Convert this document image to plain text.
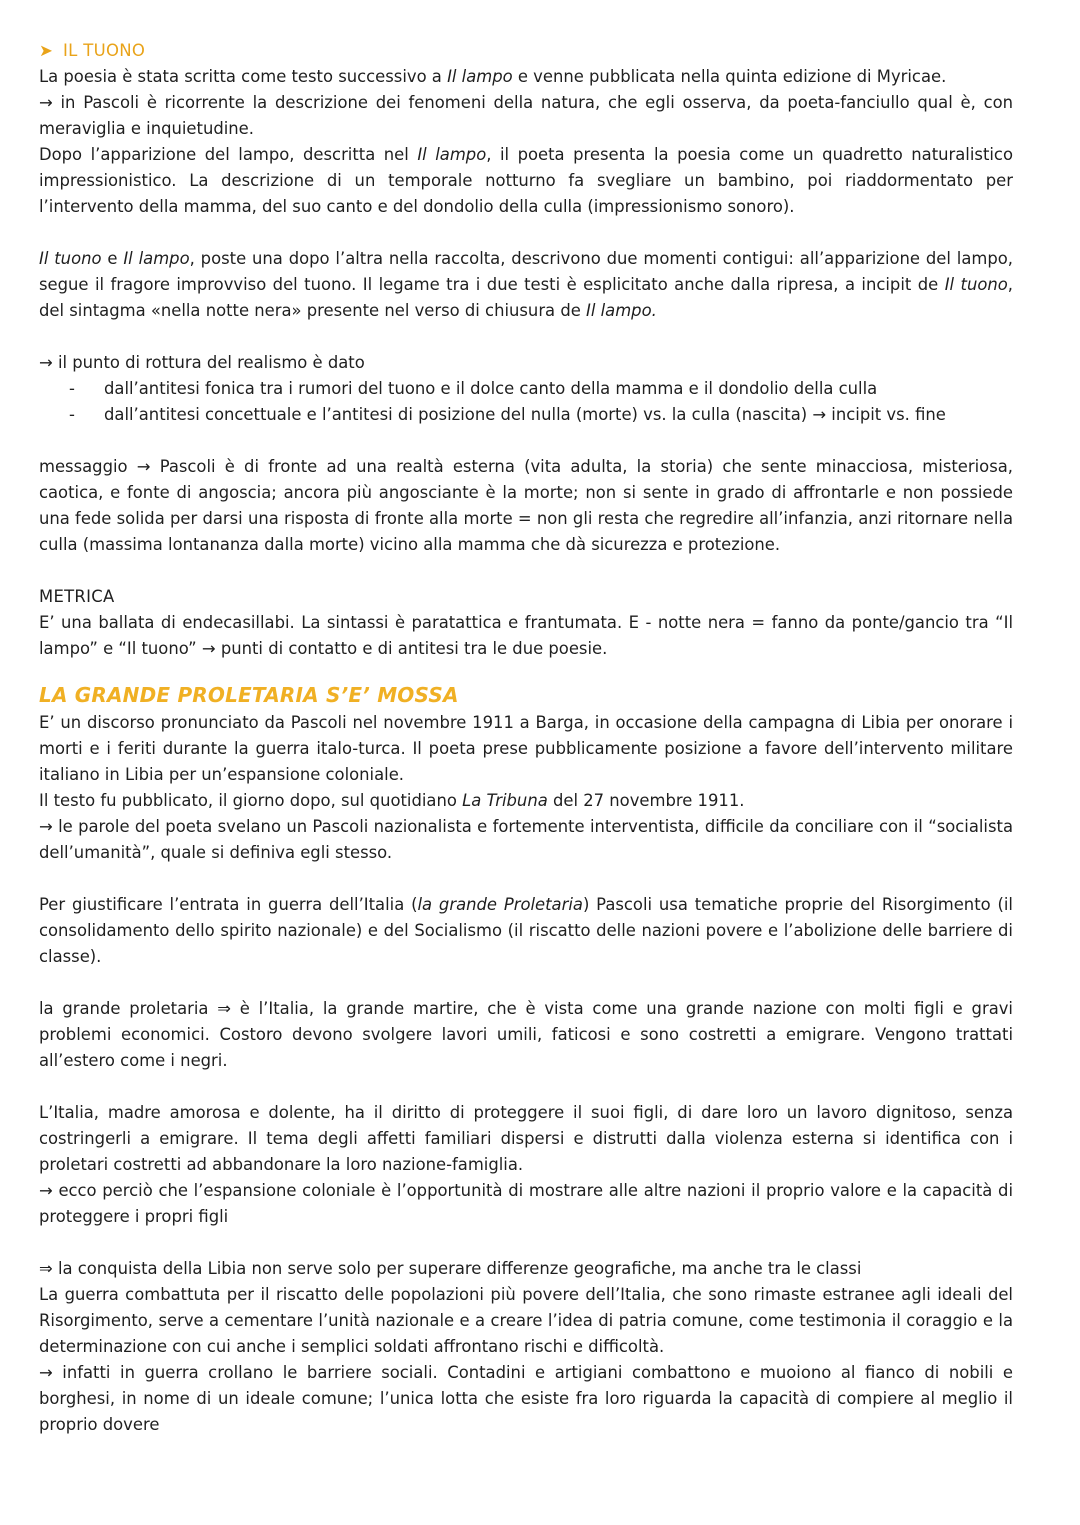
➤ IL TUONO

La poesia è stata scritta come testo successivo a Il lampo e venne pubblicata nella quinta edizione di Myricae.

→ in Pascoli è ricorrente la descrizione dei fenomeni della natura, che egli osserva, da poeta-fanciullo qual è, con meraviglia e inquietudine.

Dopo l’apparizione del lampo, descritta nel Il lampo, il poeta presenta la poesia come un quadretto naturalistico impressionistico. La descrizione di un temporale notturno fa svegliare un bambino, poi riaddormentato per l’intervento della mamma, del suo canto e del dondolio della culla (impressionismo sonoro).

Il tuono e Il lampo, poste una dopo l’altra nella raccolta, descrivono due momenti contigui: all’apparizione del lampo, segue il fragore improvviso del tuono. Il legame tra i due testi è esplicitato anche dalla ripresa, a incipit de Il tuono, del sintagma «nella notte nera» presente nel verso di chiusura de Il lampo.

→ il punto di rottura del realismo è dato

- dall’antitesi fonica tra i rumori del tuono e il dolce canto della mamma e il dondolio della culla
- dall’antitesi concettuale e l’antitesi di posizione del nulla (morte) vs. la culla (nascita) → incipit vs. fine

messaggio → Pascoli è di fronte ad una realtà esterna (vita adulta, la storia) che sente minacciosa, misteriosa, caotica, e fonte di angoscia; ancora più angosciante è la morte; non si sente in grado di affrontarle e non possiede una fede solida per darsi una risposta di fronte alla morte = non gli resta che regredire all’infanzia, anzi ritornare nella culla (massima lontananza dalla morte) vicino alla mamma che dà sicurezza e protezione.

METRICA

E’ una ballata di endecasillabi. La sintassi è paratattica e frantumata. E - notte nera = fanno da ponte/gancio tra “Il lampo” e “Il tuono” → punti di contatto e di antitesi tra le due poesie.

LA GRANDE PROLETARIA S’E’ MOSSA

E’ un discorso pronunciato da Pascoli nel novembre 1911 a Barga, in occasione della campagna di Libia per onorare i morti e i feriti durante la guerra italo-turca. Il poeta prese pubblicamente posizione a favore dell’intervento militare italiano in Libia per un’espansione coloniale.

Il testo fu pubblicato, il giorno dopo, sul quotidiano La Tribuna del 27 novembre 1911.

→ le parole del poeta svelano un Pascoli nazionalista e fortemente interventista, difficile da conciliare con il “socialista dell’umanità”, quale si definiva egli stesso.

Per giustificare l’entrata in guerra dell’Italia (la grande Proletaria) Pascoli usa tematiche proprie del Risorgimento (il consolidamento dello spirito nazionale) e del Socialismo (il riscatto delle nazioni povere e l’abolizione delle barriere di classe).

la grande proletaria ⇒ è l’Italia, la grande martire, che è vista come una grande nazione con molti figli e gravi problemi economici. Costoro devono svolgere lavori umili, faticosi e sono costretti a emigrare. Vengono trattati all’estero come i negri.

L’Italia, madre amorosa e dolente, ha il diritto di proteggere il suoi figli, di dare loro un lavoro dignitoso, senza costringerli a emigrare. Il tema degli affetti familiari dispersi e distrutti dalla violenza esterna si identifica con i proletari costretti ad abbandonare la loro nazione-famiglia.

→ ecco perciò che l’espansione coloniale è l’opportunità di mostrare alle altre nazioni il proprio valore e la capacità di proteggere i propri figli

⇒ la conquista della Libia non serve solo per superare differenze geografiche, ma anche tra le classi

La guerra combattuta per il riscatto delle popolazioni più povere dell’Italia, che sono rimaste estranee agli ideali del Risorgimento, serve a cementare l’unità nazionale e a creare l’idea di patria comune, come testimonia il coraggio e la determinazione con cui anche i semplici soldati affrontano rischi e difficoltà.

→ infatti in guerra crollano le barriere sociali. Contadini e artigiani combattono e muoiono al fianco di nobili e borghesi, in nome di un ideale comune; l’unica lotta che esiste fra loro riguarda la capacità di compiere al meglio il proprio dovere
